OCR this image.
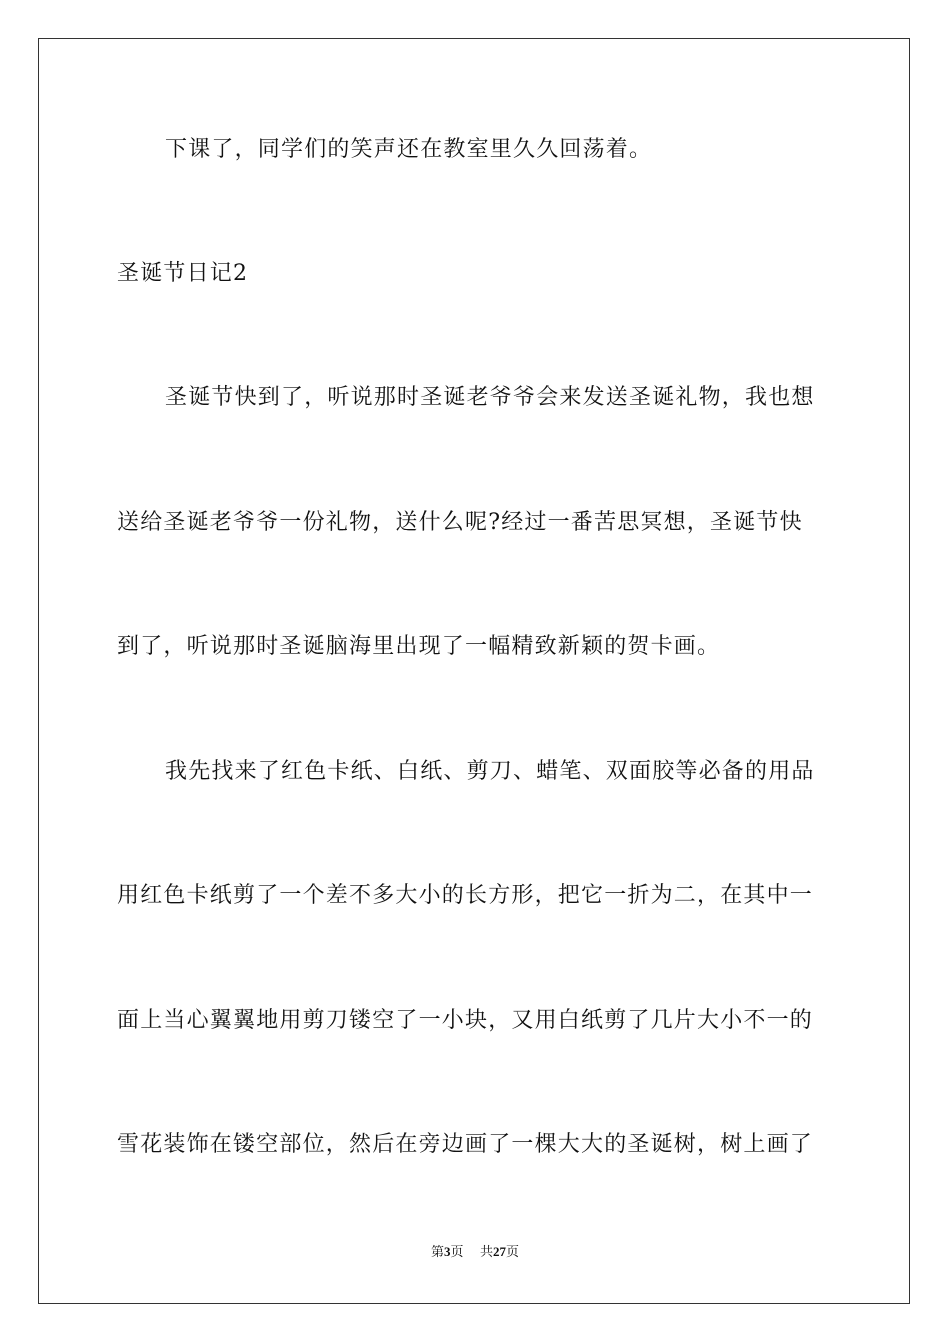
下课了，同学们的笑声还在教室里久久回荡着。
圣诞节日记2
圣诞节快到了，听说那时圣诞老爷爷会来发送圣诞礼物，我也想
送给圣诞老爷爷一份礼物，送什么呢?经过一番苦思冥想，圣诞节快
到了，听说那时圣诞脑海里出现了一幅精致新颖的贺卡画。
我先找来了红色卡纸、白纸、剪刀、蜡笔、双面胶等必备的用品
用红色卡纸剪了一个差不多大小的长方形，把它一折为二，在其中一
面上当心翼翼地用剪刀镂空了一小块，又用白纸剪了几片大小不一的
雪花装饰在镂空部位，然后在旁边画了一棵大大的圣诞树，树上画了
第3页 共27页
